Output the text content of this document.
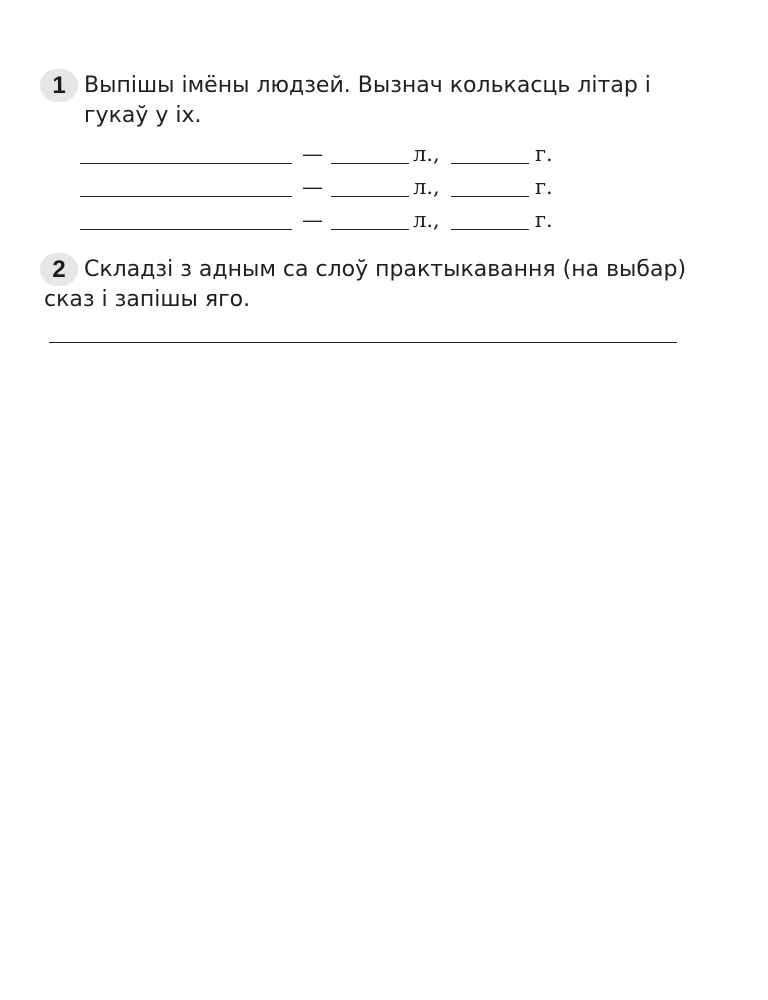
1 Выпішы імёны людзей. Вызнач колькасць літар і гукаў у іх.
—	л.,	г.
—	л.,	г.
—	л.,	г.
2 Складзі з адным са слоў практыкавання (на выбар)
сказ і запішы яго.
